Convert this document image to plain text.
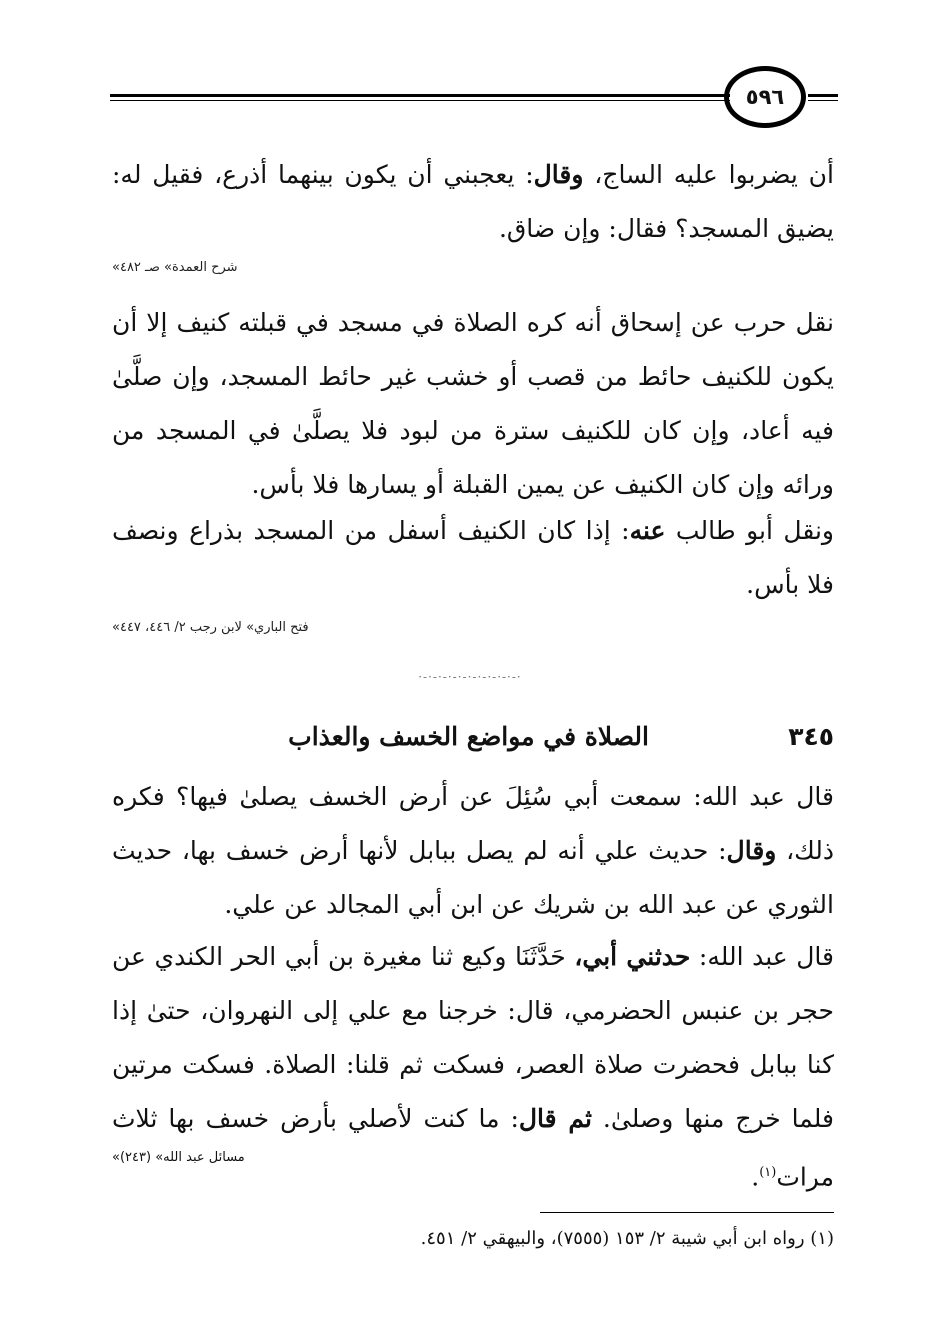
٥٩٦
أن يضربوا عليه الساج، وقال: يعجبني أن يكون بينهما أذرع، فقيل له: يضيق المسجد؟ فقال: وإن ضاق.
«شرح العمدة» صـ ٤٨٢
نقل حرب عن إسحاق أنه كره الصلاة في مسجد في قبلته كنيف إلا أن يكون للكنيف حائط من قصب أو خشب غير حائط المسجد، وإن صلَّىٰ فيه أعاد، وإن كان للكنيف سترة من لبود فلا يصلَّىٰ في المسجد من ورائه وإن كان الكنيف عن يمين القبلة أو يسارها فلا بأس.
ونقل أبو طالب عنه: إذا كان الكنيف أسفل من المسجد بذراع ونصف فلا بأس.
«فتح الباري» لابن رجب ٢/ ٤٤٦، ٤٤٧
·-·-·-·-·-·-·-·-·-·-·
٣٤٥
الصلاة في مواضع الخسف والعذاب
قال عبد الله: سمعت أبي سُئِلَ عن أرض الخسف يصلىٰ فيها؟ فكره ذلك، وقال: حديث علي أنه لم يصل ببابل لأنها أرض خسف بها، حديث الثوري عن عبد الله بن شريك عن ابن أبي المجالد عن علي.
قال عبد الله: حدثني أبي، حَدَّثَنَا وكيع ثنا مغيرة بن أبي الحر الكندي عن حجر بن عنبس الحضرمي، قال: خرجنا مع علي إلى النهروان، حتىٰ إذا كنا ببابل فحضرت صلاة العصر، فسكت ثم قلنا: الصلاة. فسكت مرتين فلما خرج منها وصلىٰ. ثم قال: ما كنت لأصلي بأرض خسف بها ثلاث مرات$^{(١)}$.
«مسائل عبد الله» (٢٤٣)
(١) رواه ابن أبي شيبة ٢/ ١٥٣ (٧٥٥٥)، والبيهقي ٢/ ٤٥١.
